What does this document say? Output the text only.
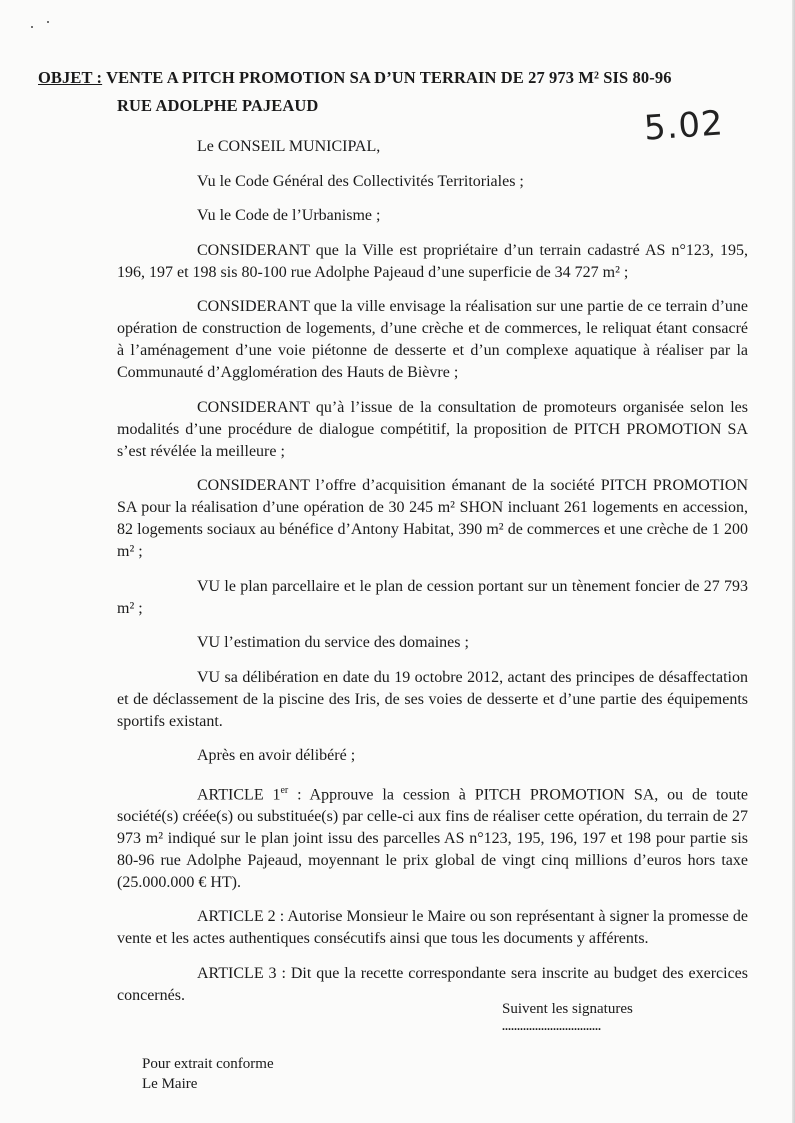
OBJET : VENTE A PITCH PROMOTION SA D’UN TERRAIN DE 27 973 M² SIS 80-96
RUE ADOLPHE PAJEAUD	5.02

Le CONSEIL MUNICIPAL,

Vu le Code Général des Collectivités Territoriales ;

Vu le Code de l’Urbanisme ;

CONSIDERANT que la Ville est propriétaire d’un terrain cadastré AS n°123, 195, 196, 197 et 198 sis 80-100 rue Adolphe Pajeaud d’une superficie de 34 727 m² ;

CONSIDERANT que la ville envisage la réalisation sur une partie de ce terrain d’une opération de construction de logements, d’une crèche et de commerces, le reliquat étant consacré à l’aménagement d’une voie piétonne de desserte et d’un complexe aquatique à réaliser par la Communauté d’Agglomération des Hauts de Bièvre ;

CONSIDERANT qu’à l’issue de la consultation de promoteurs organisée selon les modalités d’une procédure de dialogue compétitif, la proposition de PITCH PROMOTION SA s’est révélée la meilleure ;

CONSIDERANT l’offre d’acquisition émanant de la société PITCH PROMOTION SA pour la réalisation d’une opération de 30 245 m² SHON incluant 261 logements en accession, 82 logements sociaux au bénéfice d’Antony Habitat, 390 m² de commerces et une crèche de 1 200 m² ;

VU le plan parcellaire et le plan de cession portant sur un tènement foncier de 27 793 m² ;

VU l’estimation du service des domaines ;

VU sa délibération en date du 19 octobre 2012, actant des principes de désaffectation et de déclassement de la piscine des Iris, de ses voies de desserte et d’une partie des équipements sportifs existant.

Après en avoir délibéré ;

ARTICLE 1er : Approuve la cession à PITCH PROMOTION SA, ou de toute société(s) créée(s) ou substituée(s) par celle-ci aux fins de réaliser cette opération, du terrain de 27 973 m² indiqué sur le plan joint issu des parcelles AS n°123, 195, 196, 197 et 198 pour partie sis 80-96 rue Adolphe Pajeaud, moyennant le prix global de vingt cinq millions d’euros hors taxe (25.000.000 € HT).

ARTICLE 2 : Autorise Monsieur le Maire ou son représentant à signer la promesse de vente et les actes authentiques consécutifs ainsi que tous les documents y afférents.

ARTICLE 3 : Dit que la recette correspondante sera inscrite au budget des exercices concernés.

Suivent les signatures
.................................
Pour extrait conforme
Le Maire
